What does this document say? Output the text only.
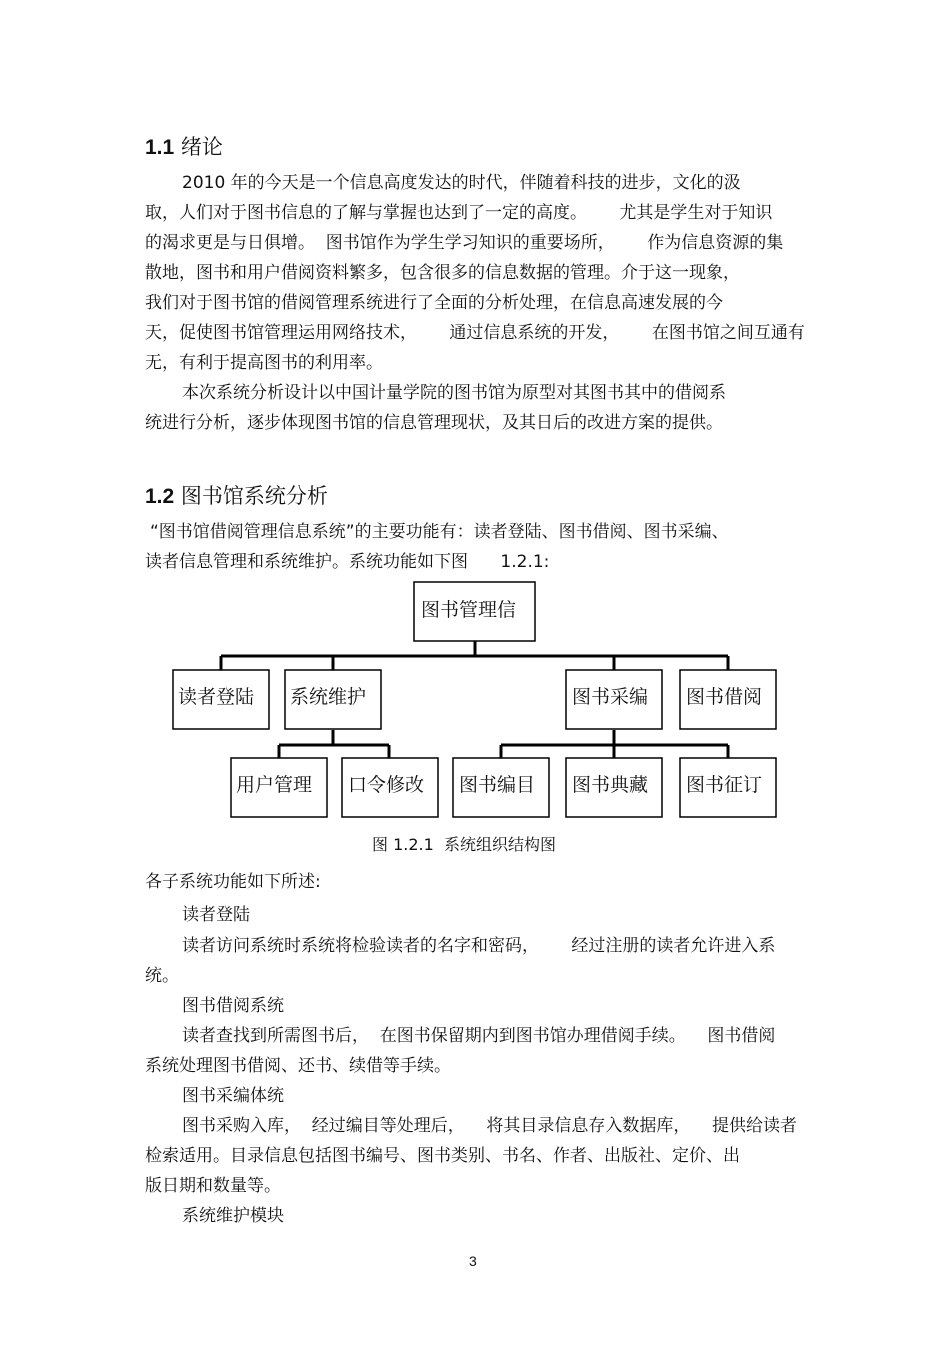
1.1 绪论

2010 年的今天是一个信息高度发达的时代，伴随着科技的进步，文化的汲

取，人们对于图书信息的了解与掌握也达到了一定的高度。      尤其是学生对于知识

的渴求更是与日俱增。  图书馆作为学生学习知识的重要场所，      作为信息资源的集

散地，图书和用户借阅资料繁多，包含很多的信息数据的管理。介于这一现象，

我们对于图书馆的借阅管理系统进行了全面的分析处理，在信息高速发展的今

天，促使图书馆管理运用网络技术，      通过信息系统的开发，      在图书馆之间互通有

无，有利于提高图书的利用率。

本次系统分析设计以中国计量学院的图书馆为原型对其图书其中的借阅系

统进行分析，逐步体现图书馆的信息管理现状，及其日后的改进方案的提供。

1.2 图书馆系统分析

“图书馆借阅管理信息系统”的主要功能有：读者登陆、图书借阅、图书采编、

读者信息管理和系统维护。系统功能如下图      1.2.1:

图书管理信
读者登陆 系统维护	图书采编 图书借阅
用户管理 口令修改 图书编目 图书典藏 图书征订
图 1.2.1  系统组织结构图

各子系统功能如下所述:

读者登陆

读者访问系统时系统将检验读者的名字和密码，      经过注册的读者允许进入系

统。

图书借阅系统

读者查找到所需图书后，  在图书保留期内到图书馆办理借阅手续。    图书借阅

系统处理图书借阅、还书、续借等手续。

图书采编体统

图书采购入库，  经过编目等处理后，    将其目录信息存入数据库，    提供给读者

检索适用。目录信息包括图书编号、图书类别、书名、作者、出版社、定价、出

版日期和数量等。

系统维护模块

3
